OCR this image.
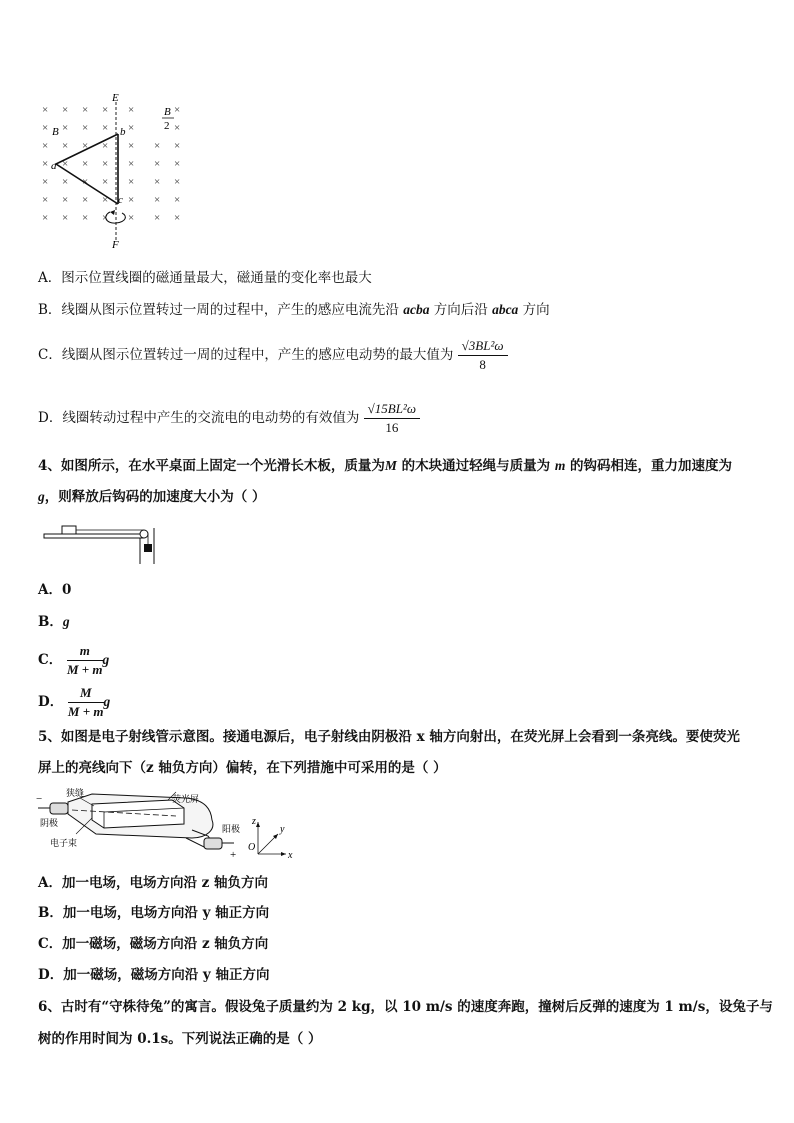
× × × × ×	×
× × × × ×	×
× × × × × × ×
× × × × × × ×
× × × × × × ×
× × × × × × ×
× × × × × × ×
E
F
B
a
b
c
B
2
A．图示位置线圈的磁通量最大，磁通量的变化率也最大
B．线圈从图示位置转过一周的过程中，产生的感应电流先沿 acba 方向后沿 abca 方向
C．线圈从图示位置转过一周的过程中，产生的感应电动势的最大值为 $\frac{\text{√3BL²ω}}{8}$
D．线圈转动过程中产生的交流电的电动势的有效值为 $\frac{\text{√15BL²ω}}{16}$
4、如图所示，在水平桌面上固定一个光滑长木板，质量为M 的木块通过轻绳与质量为 m 的钩码相连，重力加速度为
g，则释放后钩码的加速度大小为（ ）
A．0
B．g
C． $\frac{m}{M + m}$ g
D． $\frac{M}{M + m}$ g
5、如图是电子射线管示意图。接通电源后，电子射线由阴极沿 x 轴方向射出，在荧光屏上会看到一条亮线。要使荧光
屏上的亮线向下（z 轴负方向）偏转，在下列措施中可采用的是（ ）
−	狭缝
荧光屏
阴极
阳极
电子束
+
z
y
x
O
A．加一电场，电场方向沿 z 轴负方向
B．加一电场，电场方向沿 y 轴正方向
C．加一磁场，磁场方向沿 z 轴负方向
D．加一磁场，磁场方向沿 y 轴正方向
6、古时有“守株待兔”的寓言。假设兔子质量约为 2 kg，以 10 m/s 的速度奔跑，撞树后反弹的速度为 1 m/s，设兔子与
树的作用时间为 0.1s。下列说法正确的是（ ）
